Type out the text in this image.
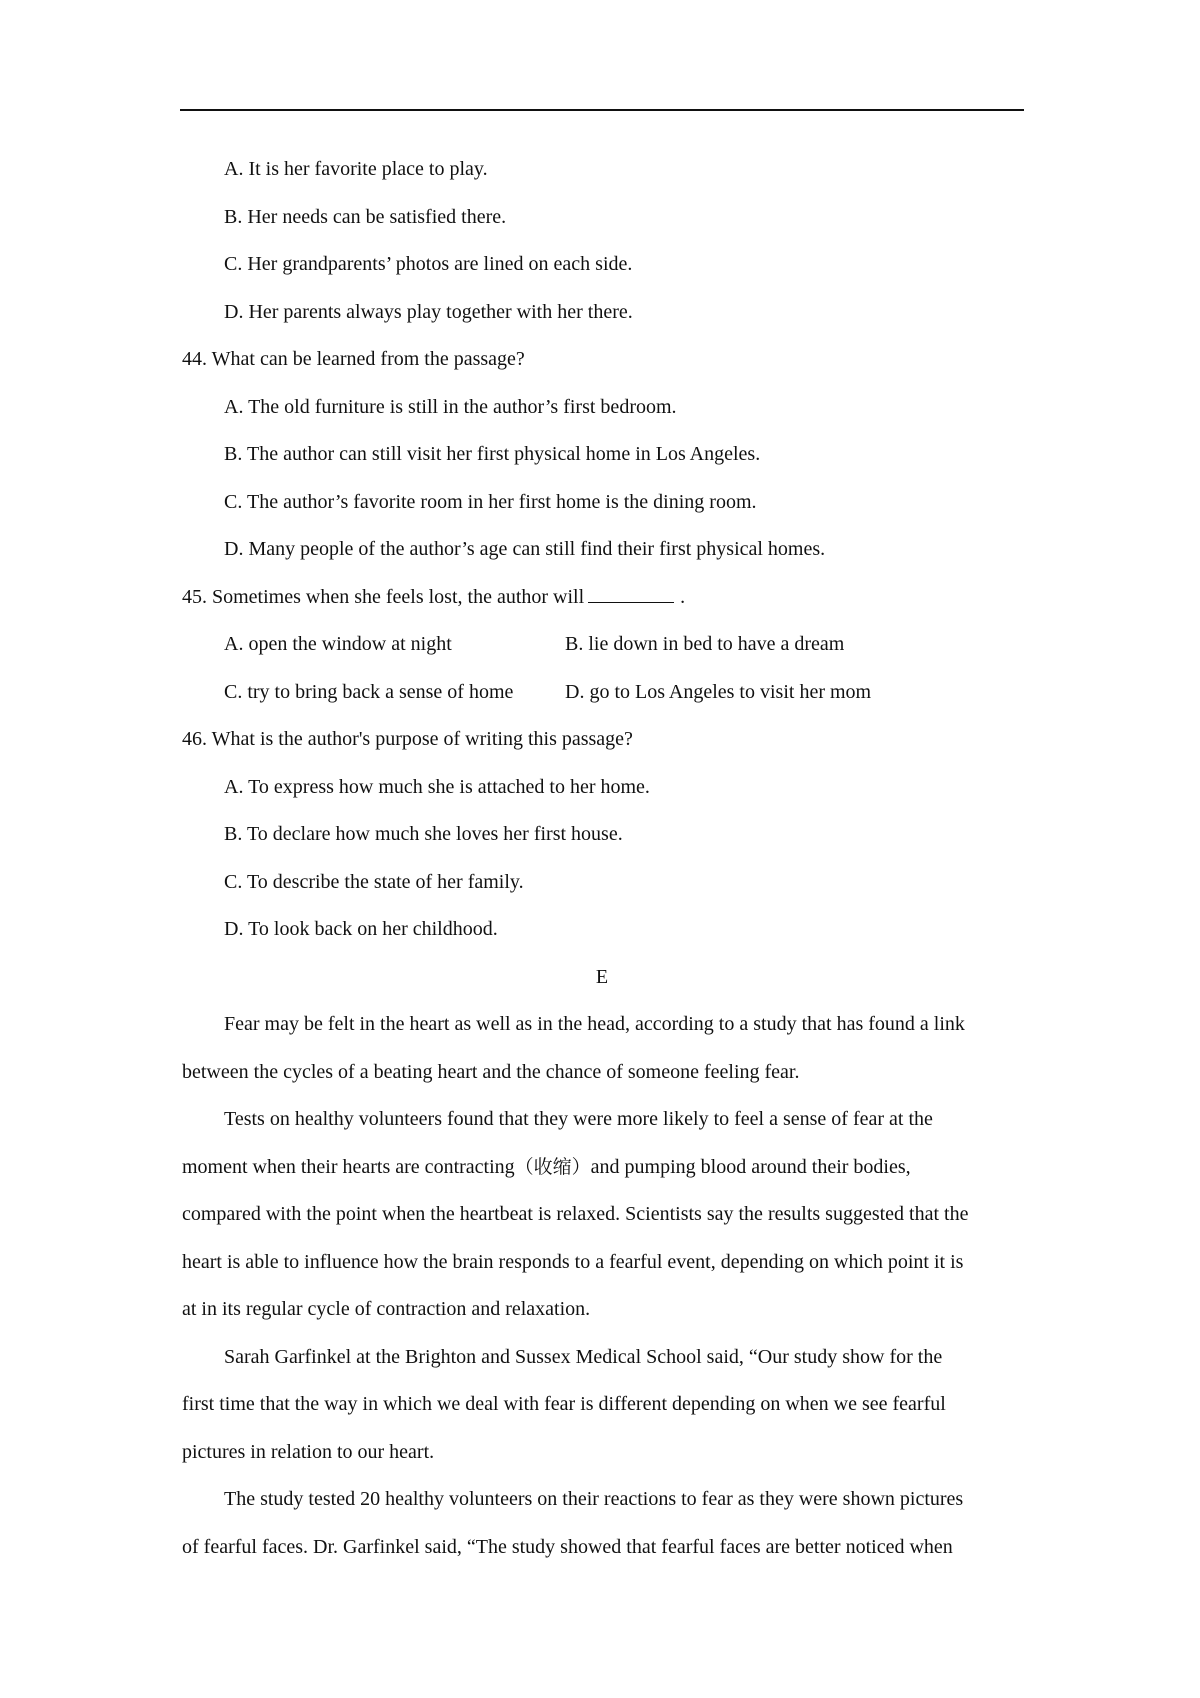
A. It is her favorite place to play.
B. Her needs can be satisfied there.
C. Her grandparents’ photos are lined on each side.
D. Her parents always play together with her there.
44. What can be learned from the passage?
A. The old furniture is still in the author’s first bedroom.
B. The author can still visit her first physical home in Los Angeles.
C. The author’s favorite room in her first home is the dining room.
D. Many people of the author’s age can still find their first physical homes.
45. Sometimes when she feels lost, the author will	.
A. open the window at night	B. lie down in bed to have a dream
C. try to bring back a sense of home	D. go to Los Angeles to visit her mom
46. What is the author's purpose of writing this passage?
A. To express how much she is attached to her home.
B. To declare how much she loves her first house.
C. To describe the state of her family.
D. To look back on her childhood.
E
Fear may be felt in the heart as well as in the head, according to a study that has found a link
between the cycles of a beating heart and the chance of someone feeling fear.
Tests on healthy volunteers found that they were more likely to feel a sense of fear at the
moment when their hearts are contracting（收缩）and pumping blood around their bodies,
compared with the point when the heartbeat is relaxed. Scientists say the results suggested that the
heart is able to influence how the brain responds to a fearful event, depending on which point it is
at in its regular cycle of contraction and relaxation.
Sarah Garfinkel at the Brighton and Sussex Medical School said, “Our study show for the
first time that the way in which we deal with fear is different depending on when we see fearful
pictures in relation to our heart.
The study tested 20 healthy volunteers on their reactions to fear as they were shown pictures
of fearful faces. Dr. Garfinkel said, “The study showed that fearful faces are better noticed when
